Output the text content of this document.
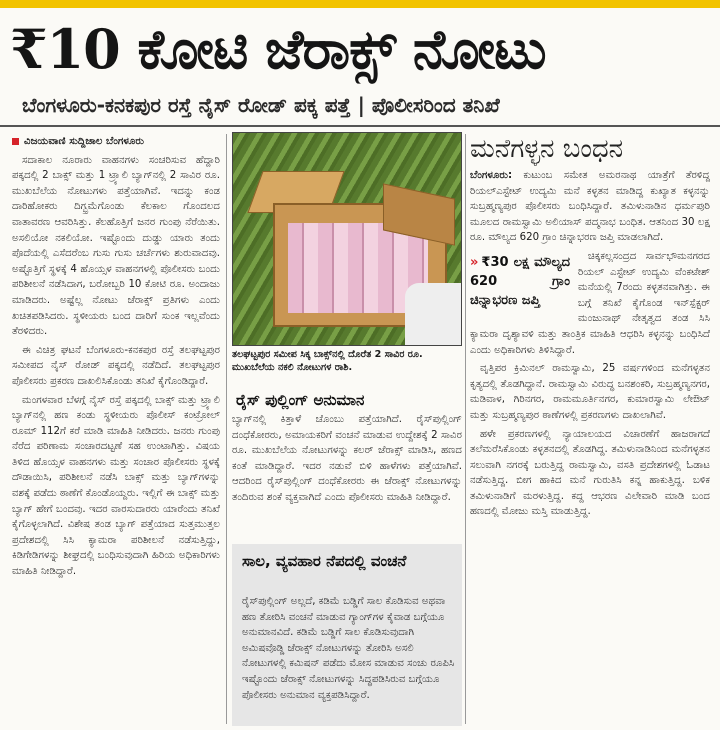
₹10 ಕೋಟಿ ಜೆರಾಕ್ಸ್ ನೋಟು
ಬೆಂಗಳೂರು-ಕನಕಪುರ ರಸ್ತೆ ನೈಸ್ ರೋಡ್ ಪಕ್ಕ ಪತ್ತೆ | ಪೊಲೀಸರಿಂದ ತನಿಖೆ

ವಿಜಯವಾಣಿ ಸುದ್ದಿಜಾಲ ಬೆಂಗಳೂರು

ಸದಾಕಾಲ ನೂರಾರು ವಾಹನಗಳು ಸಂಚರಿಸುವ ಹೆದ್ದಾರಿ ಪಕ್ಕದಲ್ಲಿ 2 ಬಾಕ್ಸ್ ಮತ್ತು 1 ಟ್ರ್ಯಾಲಿ ಬ್ಯಾಗ್‌ನಲ್ಲಿ 2 ಸಾವಿರ ರೂ. ಮುಖಬೆಲೆಯ ನೋಟುಗಳು ಪತ್ತೆಯಾಗಿವೆ. ಇದನ್ನು ಕಂಡ ದಾರಿಹೋಕರು ದಿಗ್ಭ್ರಮೆಗೊಂಡು ಕೆಲಕಾಲ ಗೊಂದಲದ ವಾತಾವರಣ ಆವರಿಸಿತ್ತು. ಕೆಲಹೊತ್ತಿಗೆ ಜನರ ಗುಂಪು ನೆರೆಯಿತು. ಅಸಲಿಯೋ ನಕಲಿಯೋ. ಇಷ್ಟೊಂದು ದುಡ್ಡು ಯಾರು ತಂದು ಪೊದೆಯಲ್ಲಿ ಎಸೆದರೆಂಬ ಗುಸು ಗುಸು ಚರ್ಚೆಗಳು ಶುರುವಾದವು. ಅಷ್ಟೊತ್ತಿಗೆ ಸ್ಥಳಕ್ಕೆ 4 ಹೊಯ್ಸಳ ವಾಹನಗಳಲ್ಲಿ ಪೊಲೀಸರು ಬಂದು ಪರಿಶೀಲನೆ ನಡೆಸಿದಾಗ, ಬರೋಬ್ಬರಿ 10 ಕೋಟಿ ರೂ. ಅಂದಾಜು ಮಾಡಿದರು. ಅಷ್ಟೆಲ್ಲ ನೋಟು ಜೆರಾಕ್ಸ್ ಪ್ರತಿಗಳು ಎಂದು ಖಚಿತಪಡಿಸಿದರು. ಸ್ಥಳೀಯರು ಬಂದ ದಾರಿಗೆ ಸುಂಕ ಇಲ್ಲವೆಂದು ತೆರಳಿದರು.

ಈ ವಿಚಿತ್ರ ಘಟನೆ ಬೆಂಗಳೂರು-ಕನಕಪುರ ರಸ್ತೆ ತಲಘಟ್ಟಪುರ ಸಮೀಪದ ನೈಸ್ ರೋಡ್ ಪಕ್ಕದಲ್ಲಿ ನಡೆದಿದೆ. ತಲಘಟ್ಟಪುರ ಪೊಲೀಸರು ಪ್ರಕರಣ ದಾಖಲಿಸಿಕೊಂಡು ತನಿಖೆ ಕೈಗೊಂಡಿದ್ದಾರೆ.

ಮಂಗಳವಾರ ಬೆಳಗ್ಗೆ ನೈಸ್ ರಸ್ತೆ ಪಕ್ಕದಲ್ಲಿ ಬಾಕ್ಸ್ ಮತ್ತು ಟ್ರ್ಯಾಲಿ ಬ್ಯಾಗ್‌ನಲ್ಲಿ ಹಣ ಕಂಡು ಸ್ಥಳೀಯರು ಪೊಲೀಸ್ ಕಂಟ್ರೋಲ್ ರೂಮ್ 112ಗೆ ಕರೆ ಮಾಡಿ ಮಾಹಿತಿ ನೀಡಿದರು. ಜನರು ಗುಂಪು ನೆರೆದ ಪರಿಣಾಮ ಸಂಚಾರದಟ್ಟಣೆ ಸಹ ಉಂಟಾಗಿತ್ತು. ವಿಷಯ ತಿಳಿದ ಹೊಯ್ಸಳ ವಾಹನಗಳು ಮತ್ತು ಸಂಚಾರ ಪೊಲೀಸರು ಸ್ಥಳಕ್ಕೆ ದೌಡಾಯಿಸಿ, ಪರಿಶೀಲನೆ ನಡೆಸಿ ಬಾಕ್ಸ್ ಮತ್ತು ಬ್ಯಾಗ್‌ಗಳನ್ನು ವಶಕ್ಕೆ ಪಡೆದು ಠಾಣೆಗೆ ಕೊಂಡೊಯ್ದರು. ಇಲ್ಲಿಗೆ ಈ ಬಾಕ್ಸ್ ಮತ್ತು ಬ್ಯಾಗ್ ಹೇಗೆ ಬಂದವು. ಇದರ ವಾರಸುದಾರರು ಯಾರೆಂದು ತನಿಖೆ ಕೈಗೊಳ್ಳಲಾಗಿದೆ. ವಿಶೇಷ ತಂಡ ಬ್ಯಾಗ್ ಪತ್ತೆಯಾದ ಸುತ್ತಮುತ್ತಲ ಪ್ರದೇಶದಲ್ಲಿ ಸಿಸಿ ಕ್ಯಾಮರಾ ಪರಿಶೀಲನೆ ನಡೆಸುತ್ತಿದ್ದು, ಕಿಡಿಗೇಡಿಗಳನ್ನು ಶೀಘ್ರದಲ್ಲಿ ಬಂಧಿಸುವುದಾಗಿ ಹಿರಿಯ ಅಧಿಕಾರಿಗಳು ಮಾಹಿತಿ ನೀಡಿದ್ದಾರೆ.

ತಲಘಟ್ಟಪುರ ಸಮೀಪ ಸಿಕ್ಕ ಬಾಕ್ಸ್‌ನಲ್ಲಿ ದೊರೆತ 2 ಸಾವಿರ ರೂ. ಮುಖಬೆಲೆಯ ನಕಲಿ ನೋಟುಗಳ ರಾಶಿ.
ರೈಸ್ ಪುಲ್ಲಿಂಗ್ ಅನುಮಾನ

ಬ್ಯಾಗ್‌ನಲ್ಲಿ ಕಿತ್ತಾಳೆ ಚೊಂಬು ಪತ್ತೆಯಾಗಿದೆ. ರೈಸ್‌ಪುಲ್ಲಿಂಗ್ ದಂಧೆಕೋರರು, ಅಮಾಯಕರಿಗೆ ವಂಚನೆ ಮಾಡುವ ಉದ್ದೇಶಕ್ಕೆ 2 ಸಾವಿರ ರೂ. ಮುಖಬೆಲೆಯ ನೋಟುಗಳನ್ನು ಕಲರ್ ಜೆರಾಕ್ಸ್ ಮಾಡಿಸಿ, ಹಣದ ಕಂತೆ ಮಾಡಿದ್ದಾರೆ. ಇದರ ನಡುವೆ ಬಿಳಿ ಹಾಳೆಗಳು ಪತ್ತೆಯಾಗಿವೆ. ಆದರಿಂದ ರೈಸ್‌ಪುಲ್ಲಿಂಗ್ ದಂಧೆಕೋರರು ಈ ಜೆರಾಕ್ಸ್ ನೋಟುಗಳನ್ನು ತಂದಿರುವ ಶಂಕೆ ವ್ಯಕ್ತವಾಗಿದೆ ಎಂದು ಪೊಲೀಸರು ಮಾಹಿತಿ ನೀಡಿದ್ದಾರೆ.

ಸಾಲ, ವ್ಯವಹಾರ ನೆಪದಲ್ಲಿ ವಂಚನೆ
ರೈಸ್‌ಪುಲ್ಲಿಂಗ್ ಅಲ್ಲದೆ, ಕಡಿಮೆ ಬಡ್ಡಿಗೆ ಸಾಲ ಕೊಡಿಸುವ ಅಥವಾ ಹಣ ತೋರಿಸಿ ವಂಚನೆ ಮಾಡುವ ಗ್ಯಾಂಗ್‌ಗಳ ಕೈವಾಡ ಬಗ್ಗೆಯೂ ಅನುಮಾನವಿದೆ. ಕಡಿಮೆ ಬಡ್ಡಿಗೆ ಸಾಲ ಕೊಡಿಸುವುದಾಗಿ ಅಮಿಷವೊಡ್ಡಿ ಜೆರಾಕ್ಸ್ ನೋಟುಗಳನ್ನು ತೋರಿಸಿ ಅಸಲಿ ನೋಟುಗಳಲ್ಲಿ ಕಮಿಷನ್ ಪಡೆದು ಮೋಸ ಮಾಡುವ ಸಂಚು ರೂಪಿಸಿ ಇಷ್ಟೊಂದು ಜೆರಾಕ್ಸ್ ನೋಟುಗಳನ್ನು ಸಿದ್ಧಪಡಿಸಿರುವ ಬಗ್ಗೆಯೂ ಪೊಲೀಸರು ಅನುಮಾನ ವ್ಯಕ್ತಪಡಿಸಿದ್ದಾರೆ.
ಮನೆಗಳ್ಳನ ಬಂಧನ

ಬೆಂಗಳೂರು: ಕುಟುಂಬ ಸಮೇತ ಅಮರನಾಥ ಯಾತ್ರೆಗೆ ತೆರಳಿದ್ದ ರಿಯಲ್‌ಎಸ್ಟೇಟ್ ಉದ್ಯಮಿ ಮನೆ ಕಳ್ಳತನ ಮಾಡಿದ್ದ ಕುಖ್ಯಾತ ಕಳ್ಳನನ್ನು ಸುಬ್ರಹ್ಮಣ್ಯಪುರ ಪೊಲೀಸರು ಬಂಧಿಸಿದ್ದಾರೆ. ತಮಿಳುನಾಡಿನ ಧರ್ಮಪುರಿ ಮೂಲದ ರಾಮಸ್ವಾಮಿ ಅಲಿಯಾಸ್ ಪದ್ಮನಾಭ ಬಂಧಿತ. ಆತನಿಂದ 30 ಲಕ್ಷ ರೂ. ಮೌಲ್ಯದ 620 ಗ್ರಾಂ ಚಿನ್ನಾಭರಣ ಜಪ್ತಿ ಮಾಡಲಾಗಿದೆ.

» ₹30 ಲಕ್ಷ ಮೌಲ್ಯದ 620 ಗ್ರಾಂ ಚಿನ್ನಾಭರಣ ಜಪ್ತಿ

ಚಿಕ್ಕಕಲ್ಲಸಂದ್ರದ ಸಾರ್ವಭೌಮನಗರದ ರಿಯಲ್ ಎಸ್ಟೇಟ್ ಉದ್ಯಮಿ ವೆಂಕಟೇಶ್ ಮನೆಯಲ್ಲಿ 7ರಂದು ಕಳ್ಳತನವಾಗಿತ್ತು. ಈ ಬಗ್ಗೆ ತನಿಖೆ ಕೈಗೊಂಡ ಇನ್‌ಸ್ಪೆಕ್ಟರ್ ಮಂಜುನಾಥ್ ನೇತೃತ್ವದ ತಂಡ ಸಿಸಿ ಕ್ಯಾಮರಾ ದೃಶ್ಯಾವಳಿ ಮತ್ತು ತಾಂತ್ರಿಕ ಮಾಹಿತಿ ಆಧರಿಸಿ ಕಳ್ಳನನ್ನು ಬಂಧಿಸಿದೆ ಎಂದು ಅಧಿಕಾರಿಗಳು ತಿಳಿಸಿದ್ದಾರೆ.

ವೃತ್ತಿಪರ ಕ್ರಿಮಿನಲ್ ರಾಮಸ್ವಾಮಿ, 25 ವರ್ಷಗಳಿಂದ ಮನೆಗಳ್ಳತನ ಕೃತ್ಯದಲ್ಲಿ ತೊಡಗಿದ್ದಾನೆ. ರಾಮಸ್ವಾಮಿ ವಿರುದ್ಧ ಬನಶಂಕರಿ, ಸುಬ್ರಹ್ಮಣ್ಯನಗರ, ಮಡಿವಾಳ, ಗಿರಿನಗರ, ರಾಮಮೂರ್ತಿನಗರ, ಕುಮಾರಸ್ವಾಮಿ ಲೇಔಟ್ ಮತ್ತು ಸುಬ್ರಹ್ಮಣ್ಯಪುರ ಠಾಣೆಗಳಲ್ಲಿ ಪ್ರಕರಣಗಳು ದಾಖಲಾಗಿವೆ.

ಹಳೇ ಪ್ರಕರಣಗಳಲ್ಲಿ ನ್ಯಾಯಾಲಯದ ವಿಚಾರಣೆಗೆ ಹಾಜರಾಗದೆ ತಲೆಮರೆಸಿಕೊಂಡು ಕಳ್ಳತನದಲ್ಲಿ ತೊಡಗಿದ್ದ. ತಮಿಳುನಾಡಿನಿಂದ ಮನೆಗಳ್ಳತನ ಸಲುವಾಗಿ ನಗರಕ್ಕೆ ಬರುತ್ತಿದ್ದ ರಾಮಸ್ವಾಮಿ, ವಸತಿ ಪ್ರದೇಶಗಳಲ್ಲಿ ಓಡಾಟ ನಡೆಸುತ್ತಿದ್ದ. ಬೀಗ ಹಾಕಿದ ಮನೆ ಗುರುತಿಸಿ ಕನ್ನ ಹಾಕುತ್ತಿದ್ದ. ಬಳಿಕ ತಮಿಳುನಾಡಿಗೆ ಮರಳುತ್ತಿದ್ದ. ಕದ್ದ ಆಭರಣ ವಿಲೇವಾರಿ ಮಾಡಿ ಬಂದ ಹಣದಲ್ಲಿ ಮೋಜು ಮಸ್ತಿ ಮಾಡುತ್ತಿದ್ದ.
